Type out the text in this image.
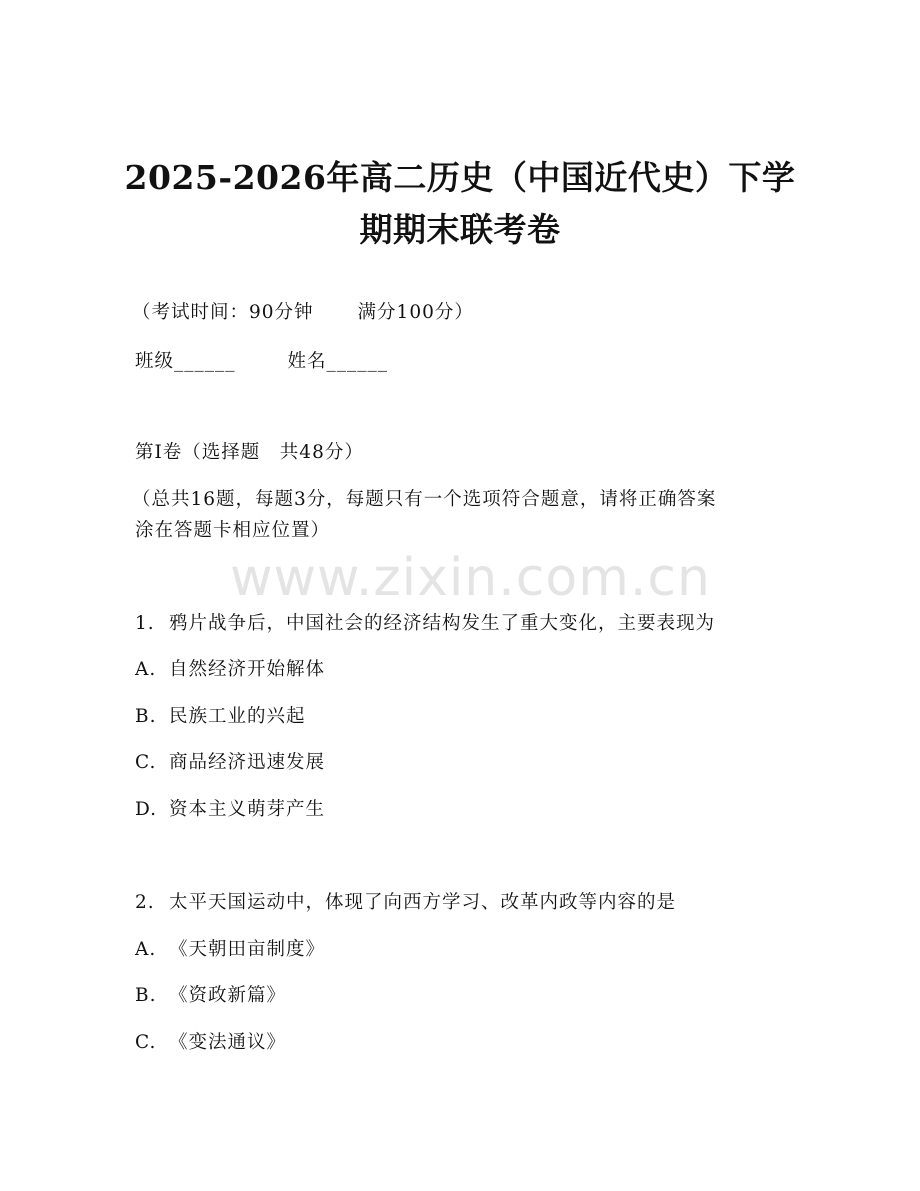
2025-2026年高二历史（中国近代史）下学
期期末联考卷
（考试时间：90分钟 满分100分）
班级______	姓名______
第I卷（选择题　共48分）
（总共16题，每题3分，每题只有一个选项符合题意，请将正确答案
涂在答题卡相应位置）
www.zixin.com.cn
1. 鸦片战争后，中国社会的经济结构发生了重大变化，主要表现为
A. 自然经济开始解体
B. 民族工业的兴起
C. 商品经济迅速发展
D. 资本主义萌芽产生
2. 太平天国运动中，体现了向西方学习、改革内政等内容的是
A. 《天朝田亩制度》
B. 《资政新篇》
C. 《变法通议》
